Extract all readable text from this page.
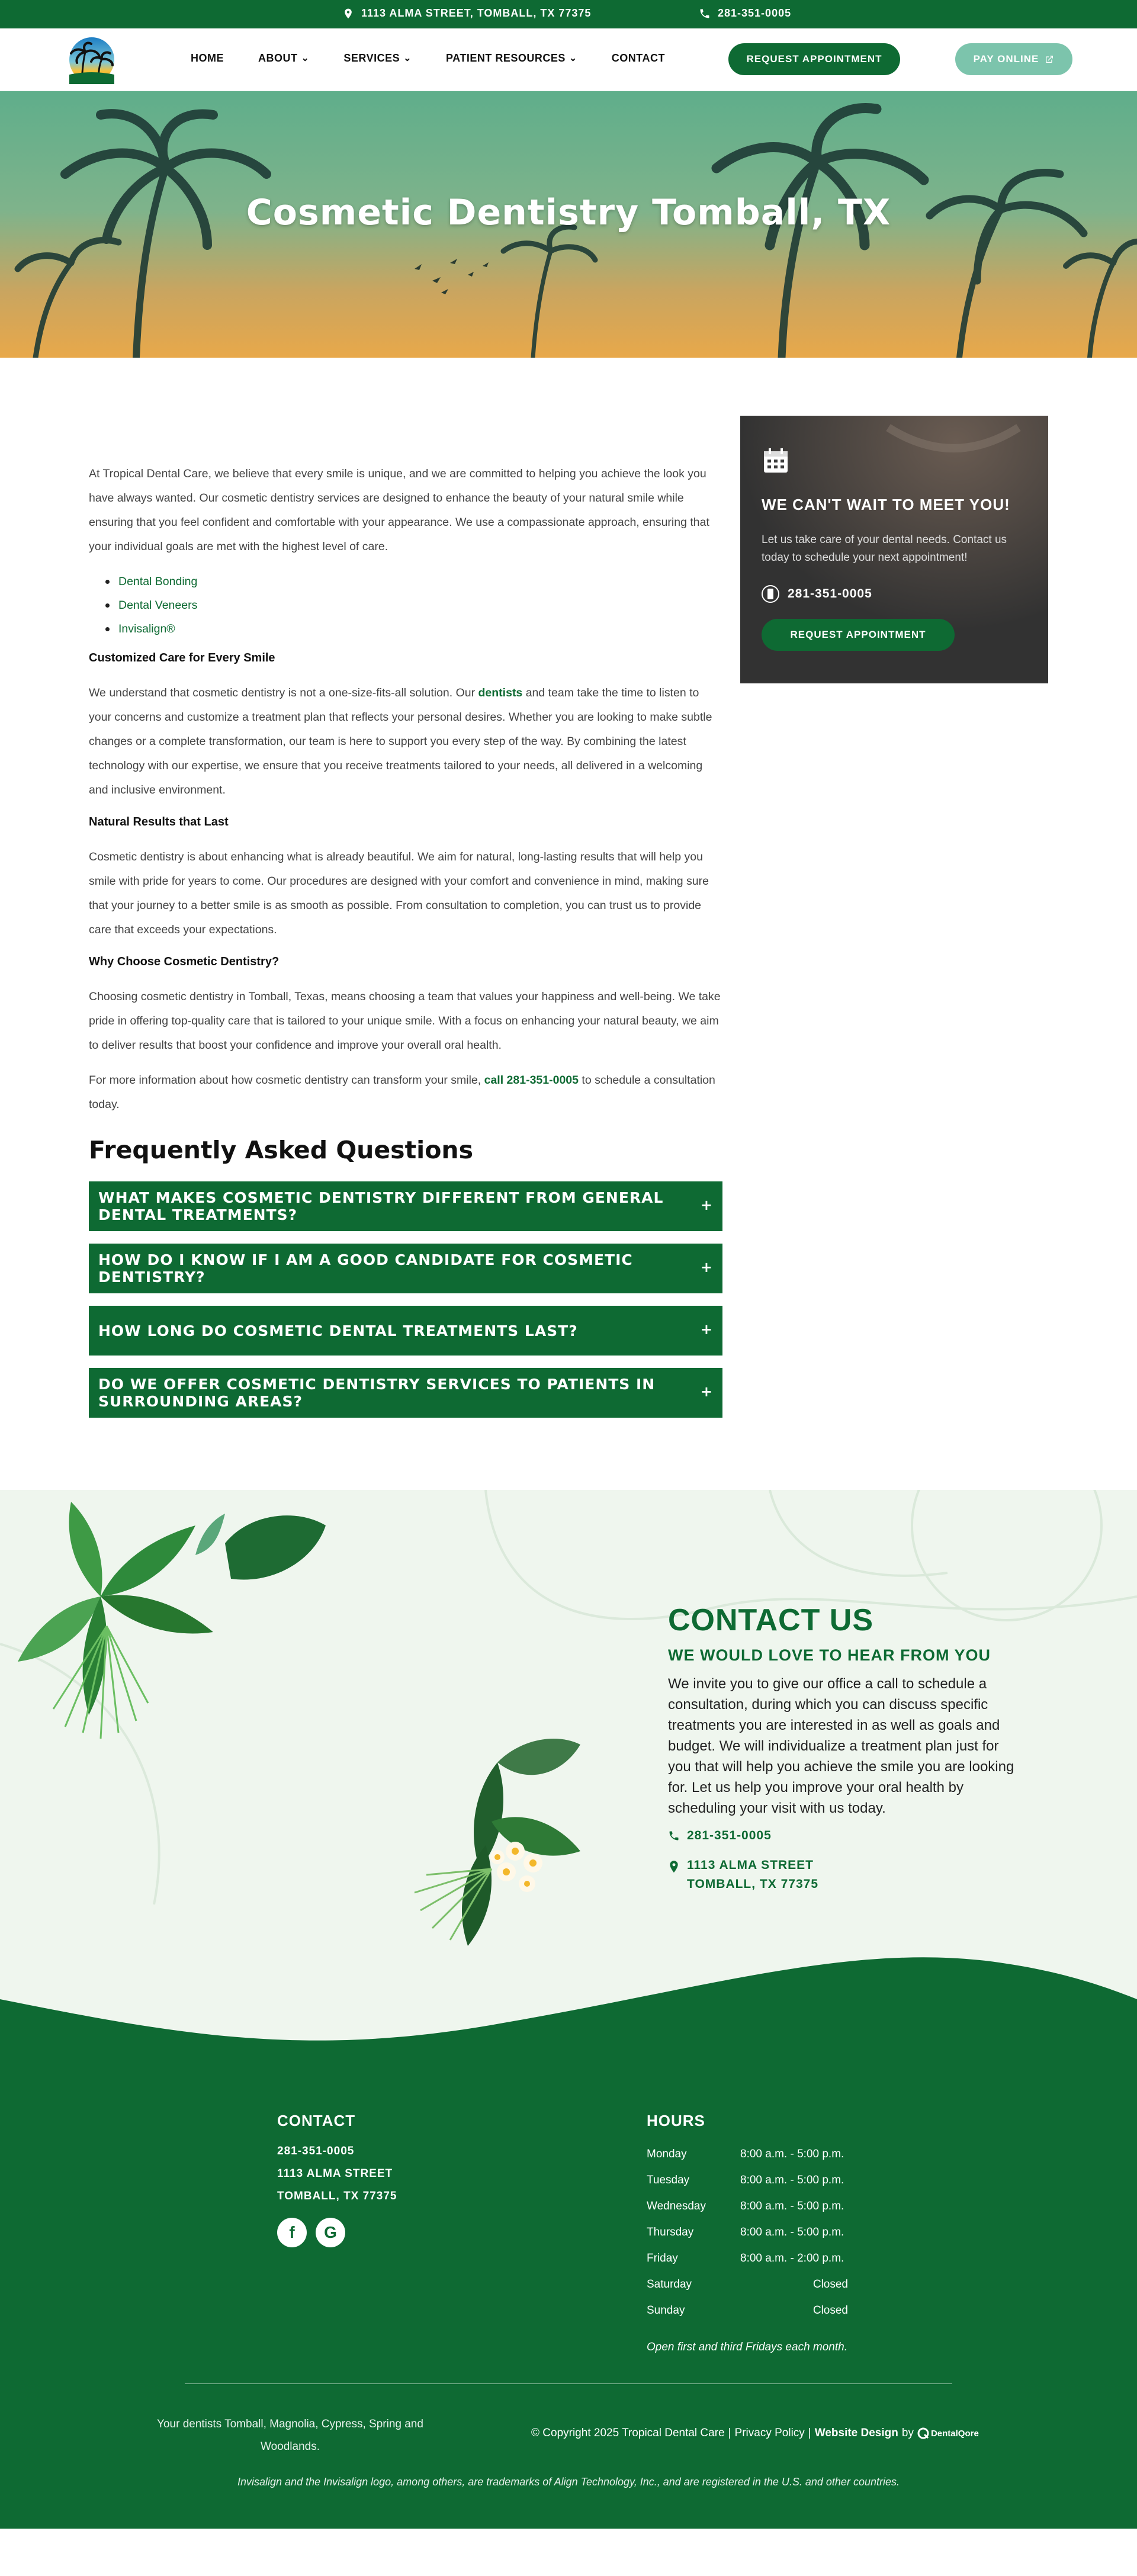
1113 ALMA STREET, TOMBALL, TX 77375	281-351-0005
HOME	ABOUT ⌄	SERVICES ⌄	PATIENT RESOURCES ⌄	CONTACT	REQUEST APPOINTMENT	PAY ONLINE
Cosmetic Dentistry Tomball, TX

At Tropical Dental Care, we believe that every smile is unique, and we are committed to helping you achieve the look you have always wanted. Our cosmetic dentistry services are designed to enhance the beauty of your natural smile while ensuring that you feel confident and comfortable with your appearance. We use a compassionate approach, ensuring that your individual goals are met with the highest level of care.

Dental Bonding
Dental Veneers
Invisalign®
Customized Care for Every Smile

We understand that cosmetic dentistry is not a one-size-fits-all solution. Our dentists and team take the time to listen to your concerns and customize a treatment plan that reflects your personal desires. Whether you are looking to make subtle changes or a complete transformation, our team is here to support you every step of the way. By combining the latest technology with our expertise, we ensure that you receive treatments tailored to your needs, all delivered in a welcoming and inclusive environment.

Natural Results that Last

Cosmetic dentistry is about enhancing what is already beautiful. We aim for natural, long-lasting results that will help you smile with pride for years to come. Our procedures are designed with your comfort and convenience in mind, making sure that your journey to a better smile is as smooth as possible. From consultation to completion, you can trust us to provide care that exceeds your expectations.

Why Choose Cosmetic Dentistry?

Choosing cosmetic dentistry in Tomball, Texas, means choosing a team that values your happiness and well-being. We take pride in offering top-quality care that is tailored to your unique smile. With a focus on enhancing your natural beauty, we aim to deliver results that boost your confidence and improve your overall oral health.

For more information about how cosmetic dentistry can transform your smile, call 281-351-0005 to schedule a consultation today.

Frequently Asked Questions
WHAT MAKES COSMETIC DENTISTRY DIFFERENT FROM GENERAL DENTAL TREATMENTS?
+
HOW DO I KNOW IF I AM A GOOD CANDIDATE FOR COSMETIC DENTISTRY?
+
HOW LONG DO COSMETIC DENTAL TREATMENTS LAST?	+
DO WE OFFER COSMETIC DENTISTRY SERVICES TO PATIENTS IN SURROUNDING AREAS?
+
WE CAN'T WAIT TO MEET YOU!

Let us take care of your dental needs. Contact us today to schedule your next appointment!

281-351-0005
REQUEST APPOINTMENT
CONTACT US
WE WOULD LOVE TO HEAR FROM YOU

We invite you to give our office a call to schedule a consultation, during which you can discuss specific treatments you are interested in as well as goals and budget. We will individualize a treatment plan just for you that will help you achieve the smile you are looking for. Let us help you improve your oral health by scheduling your visit with us today.

281-351-0005
1113 ALMA STREET
TOMBALL, TX 77375
CONTACT
281-351-0005
1113 ALMA STREET
TOMBALL, TX 77375
f	G
HOURS
Monday	8:00 a.m. - 5:00 p.m.
Tuesday	8:00 a.m. - 5:00 p.m.
Wednesday	8:00 a.m. - 5:00 p.m.
Thursday	8:00 a.m. - 5:00 p.m.
Friday	8:00 a.m. - 2:00 p.m.
Saturday	Closed
Sunday	Closed
Open first and third Fridays each month.
Your dentists Tomball, Magnolia, Cypress, Spring and
Woodlands.
© Copyright 2025 Tropical Dental Care | Privacy Policy | Website Design by DentalQore
Invisalign and the Invisalign logo, among others, are trademarks of Align Technology, Inc., and are registered in the U.S. and other countries.
